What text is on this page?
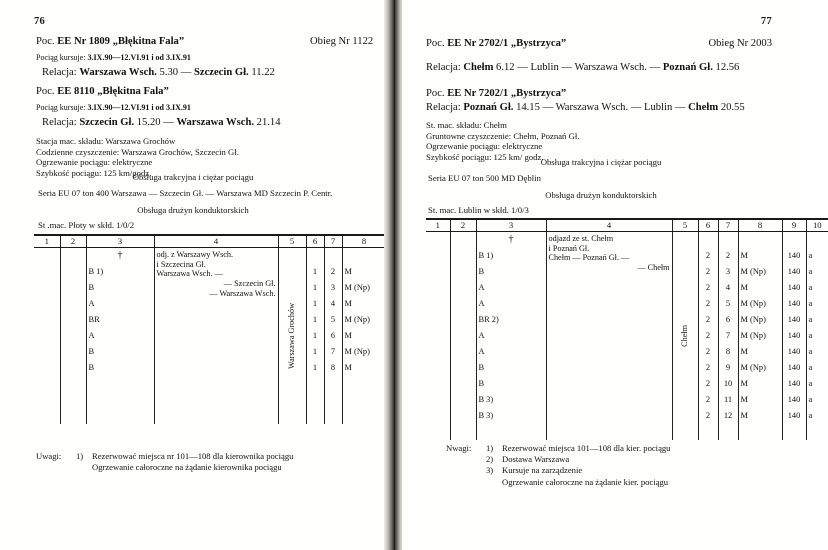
76
Poc. EE Nr 1809 „Błękitna Fala”	Obieg Nr 1122
Pociąg kursuje: 3.IX.90—12.VI.91 i od 3.IX.91
Relacja: Warszawa Wsch. 5.30 — Szczecin Gł. 11.22
Poc. EE 8110 „Błękitna Fala”
Pociąg kursuje: 3.IX.90—12.VI.91 i od 3.IX.91
Relacja: Szczecin Gł. 15.20 — Warszawa Wsch. 21.14
Stacja mac. składu: Warszawa Grochów
Codzienne czyszczenie: Warszawa Grochów, Szczecin Gł.
Ogrzewanie pociągu: elektryczne
Szybkość pociągu: 125 km/godz.
Obsługa trakcyjna i ciężar pociągu
Seria EU 07 ton 400 Warszawa — Szczecin Gł. — Warszawa MD Szczecin P. Centr.
Obsługa drużyn konduktorskich
St .mac. Płoty w skłd. 1/0/2
1	2	3	4	5	6	7	8		
		†	odj. z Warszawy Wsch.
i Szczecina Gł.
Warszawa Wsch. —
— Szczecin Gł.
— Warszawa Wsch.	Warszawa Grochów					

		B 1)			1	2	M		
		B			1	3	M (Np)		
		A			1	4	M		
		BR			1	5	M (Np)		
		A			1	6	M		
		B			1	7	M (Np)		
		B			1	8	M		

Uwagi:	1)	Rezerwować miejsca nr 101—108 dla kierownika pociągu
Ogrzewanie całoroczne na żądanie kierownika pociągu
77
Poc. EE Nr 2702/1 „Bystrzyca”	Obieg Nr 2003
Relacja: Chełm 6.12 — Lublin — Warszawa Wsch. — Poznań Gł. 12.56
Poc. EE Nr 7202/1 „Bystrzyca”
Relacja: Poznań Gł. 14.15 — Warszawa Wsch. — Lublin — Chełm 20.55
St. mac. składu: Chełm
Gruntowne czyszczenie: Chełm, Poznań Gł.
Ogrzewanie pociągu: elektryczne
Szybkość pociągu: 125 km/ godz.
Obsługa trakcyjna i ciężar pociągu
Seria EU 07 ton 500 MD Dęblin
Obsługa drużyn konduktorskich
St. mac. Lublin w skłd. 1/0/3
1	2	3	4	5	6	7	8	9	10
		†	odjazd ze st. Chełm
i Poznań Gł.
Chełm — Poznań Gł. —
— Chełm	Chełm					

		B 1)			2	2	M	140	a
		B			2	3	M (Np)	140	a
		A			2	4	M	140	a
		A			2	5	M (Np)	140	a
		BR 2)			2	6	M (Np)	140	a
		A			2	7	M (Np)	140	a
		A			2	8	M	140	a
		B			2	9	M (Np)	140	a
		B			2	10	M	140	a
		B 3)			2	11	M	140	a
		B 3)			2	12	M	140	a

Nwagi:	1)	Rezerwować miejsca 101—108 dla kier. pociągu
2)	Dostawa Warszawa
3)	Kursuje na zarządzenie
Ogrzewanie całoroczne na żądanie kier. pociągu
